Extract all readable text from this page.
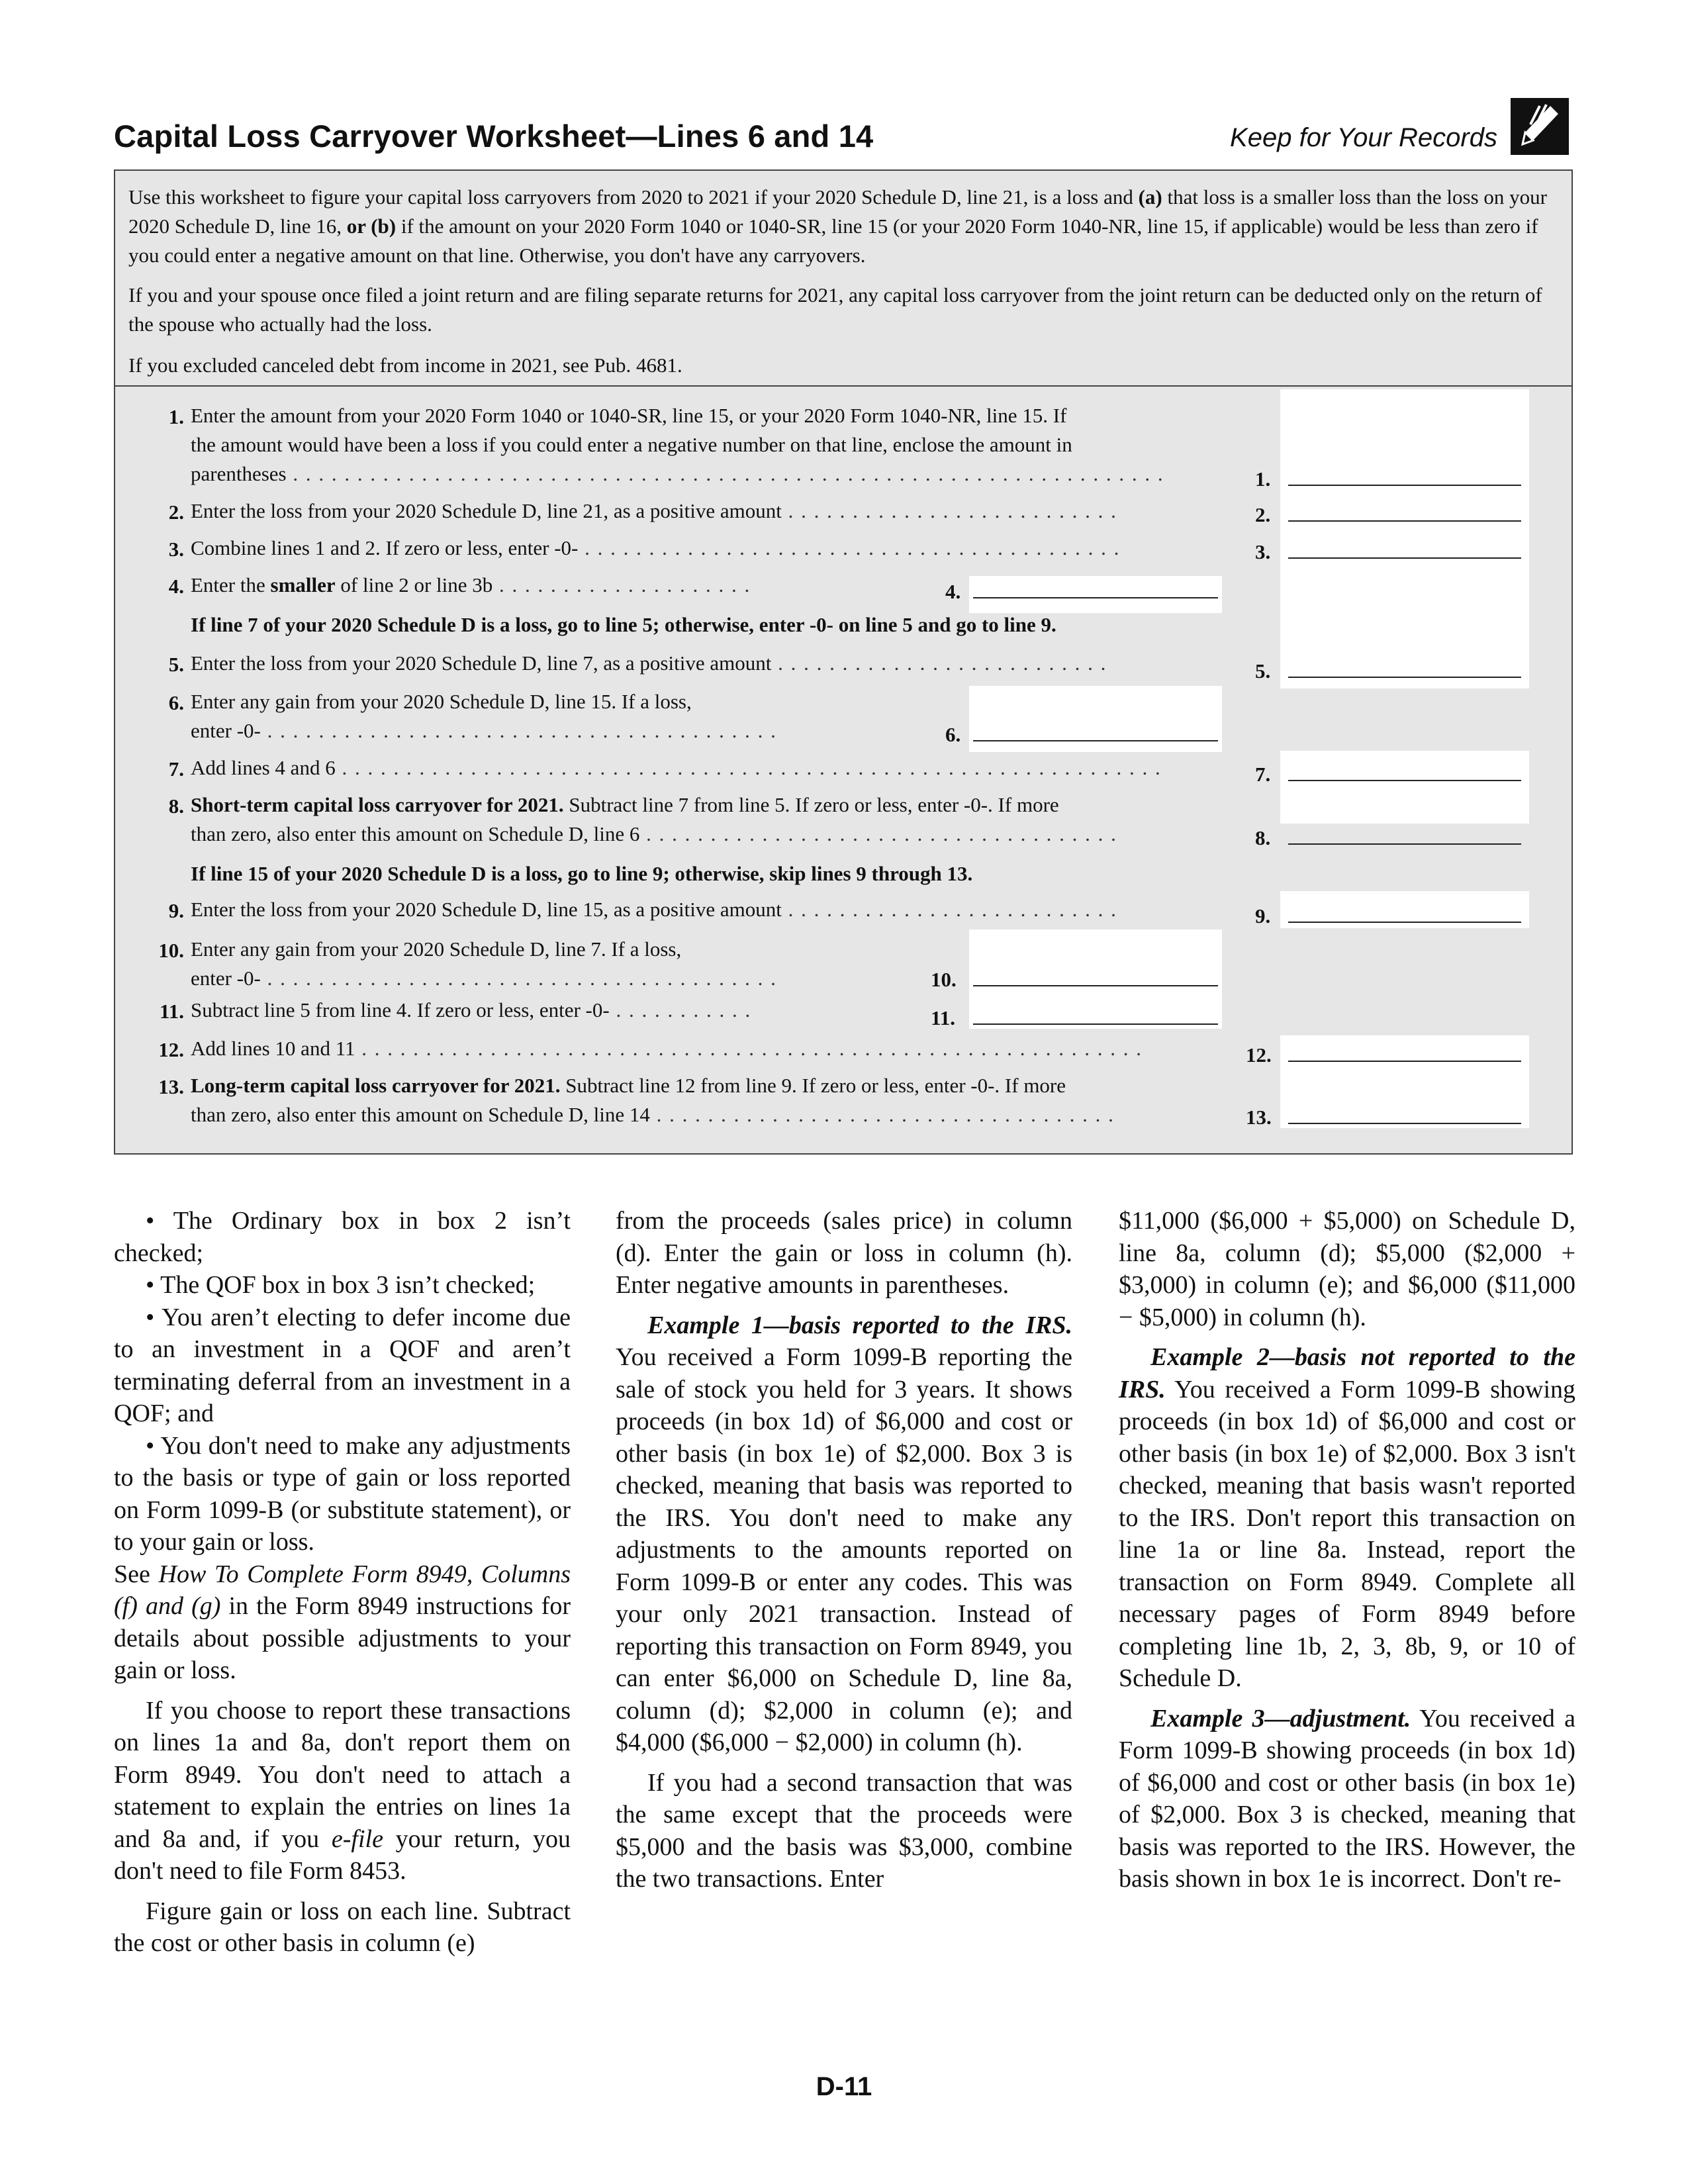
Capital Loss Carryover Worksheet—Lines 6 and 14	Keep for Your Records

Use this worksheet to figure your capital loss carryovers from 2020 to 2021 if your 2020 Schedule D, line 21, is a loss and (a) that loss is a smaller loss than the loss on your 2020 Schedule D, line 16, or (b) if the amount on your 2020 Form 1040 or 1040-SR, line 15 (or your 2020 Form 1040-NR, line 15, if applicable) would be less than zero if you could enter a negative amount on that line. Otherwise, you don't have any carryovers.

If you and your spouse once filed a joint return and are filing separate returns for 2021, any capital loss carryover from the joint return can be deducted only on the return of the spouse who actually had the loss.

If you excluded canceled debt from income in 2021, see Pub. 4681.

1. Enter the amount from your 2020 Form 1040 or 1040-SR, line 15, or your 2020 Form 1040-NR, line 15. If
the amount would have been a loss if you could enter a negative number on that line, enclose the amount in
parentheses . . . . . . . . . . . . . . . . . . . . . . . . . . . . . . . . . . . . . . . . . . . . . . . . . . . . . . . . . . . . . . . . . . . .	1.
2. Enter the loss from your 2020 Schedule D, line 21, as a positive amount . . . . . . . . . . . . . . . . . . . . . . . . . .	2.
3. Combine lines 1 and 2. If zero or less, enter -0- . . . . . . . . . . . . . . . . . . . . . . . . . . . . . . . . . . . . . . . . . .	3.
4. Enter the smaller of line 2 or line 3b . . . . . . . . . . . . . . . . . . . .	4.
If line 7 of your 2020 Schedule D is a loss, go to line 5; otherwise, enter -0- on line 5 and go to line 9.
5. Enter the loss from your 2020 Schedule D, line 7, as a positive amount . . . . . . . . . . . . . . . . . . . . . . . . . .	5.
6. Enter any gain from your 2020 Schedule D, line 15. If a loss,
enter -0- . . . . . . . . . . . . . . . . . . . . . . . . . . . . . . . . . . . . . . . .	6.
7. Add lines 4 and 6 . . . . . . . . . . . . . . . . . . . . . . . . . . . . . . . . . . . . . . . . . . . . . . . . . . . . . . . . . . . . . . . .	7.
8. Short-term capital loss carryover for 2021. Subtract line 7 from line 5. If zero or less, enter -0-. If more
than zero, also enter this amount on Schedule D, line 6 . . . . . . . . . . . . . . . . . . . . . . . . . . . . . . . . . . . . .	8.
If line 15 of your 2020 Schedule D is a loss, go to line 9; otherwise, skip lines 9 through 13.
9. Enter the loss from your 2020 Schedule D, line 15, as a positive amount . . . . . . . . . . . . . . . . . . . . . . . . . .	9.
10. Enter any gain from your 2020 Schedule D, line 7. If a loss,
enter -0- . . . . . . . . . . . . . . . . . . . . . . . . . . . . . . . . . . . . . . . .	10.
11. Subtract line 5 from line 4. If zero or less, enter -0- . . . . . . . . . . .	11.
12. Add lines 10 and 11 . . . . . . . . . . . . . . . . . . . . . . . . . . . . . . . . . . . . . . . . . . . . . . . . . . . . . . . . . . . . .	12.
13. Long-term capital loss carryover for 2021. Subtract line 12 from line 9. If zero or less, enter -0-. If more
than zero, also enter this amount on Schedule D, line 14 . . . . . . . . . . . . . . . . . . . . . . . . . . . . . . . . . . . .	13.

• The Ordinary box in box 2 isn’t checked;

• The QOF box in box 3 isn’t checked;

• You aren’t electing to defer income due to an investment in a QOF and aren’t terminating deferral from an investment in a QOF; and

• You don't need to make any adjustments to the basis or type of gain or loss reported on Form 1099-B (or substitute statement), or to your gain or loss.

See How To Complete Form 8949, Columns (f) and (g) in the Form 8949 instructions for details about possible adjustments to your gain or loss.

If you choose to report these transactions on lines 1a and 8a, don't report them on Form 8949. You don't need to attach a statement to explain the entries on lines 1a and 8a and, if you e-file your return, you don't need to file Form 8453.

Figure gain or loss on each line. Subtract the cost or other basis in column (e)

from the proceeds (sales price) in column (d). Enter the gain or loss in column (h). Enter negative amounts in parentheses.

Example 1—basis reported to the IRS. You received a Form 1099-B reporting the sale of stock you held for 3 years. It shows proceeds (in box 1d) of $6,000 and cost or other basis (in box 1e) of $2,000. Box 3 is checked, meaning that basis was reported to the IRS. You don't need to make any adjustments to the amounts reported on Form 1099-B or enter any codes. This was your only 2021 transaction. Instead of reporting this transaction on Form 8949, you can enter $6,000 on Schedule D, line 8a, column (d); $2,000 in column (e); and $4,000 ($6,000 − $2,000) in column (h).

If you had a second transaction that was the same except that the proceeds were $5,000 and the basis was $3,000, combine the two transactions. Enter

$11,000 ($6,000 + $5,000) on Schedule D, line 8a, column (d); $5,000 ($2,000 + $3,000) in column (e); and $6,000 ($11,000 − $5,000) in column (h).

Example 2—basis not reported to the IRS. You received a Form 1099-B showing proceeds (in box 1d) of $6,000 and cost or other basis (in box 1e) of $2,000. Box 3 isn't checked, meaning that basis wasn't reported to the IRS. Don't report this transaction on line 1a or line 8a. Instead, report the transaction on Form 8949. Complete all necessary pages of Form 8949 before completing line 1b, 2, 3, 8b, 9, or 10 of Schedule D.

Example 3—adjustment. You received a Form 1099-B showing proceeds (in box 1d) of $6,000 and cost or other basis (in box 1e) of $2,000. Box 3 is checked, meaning that basis was reported to the IRS. However, the basis shown in box 1e is incorrect. Don't re-

D-11
